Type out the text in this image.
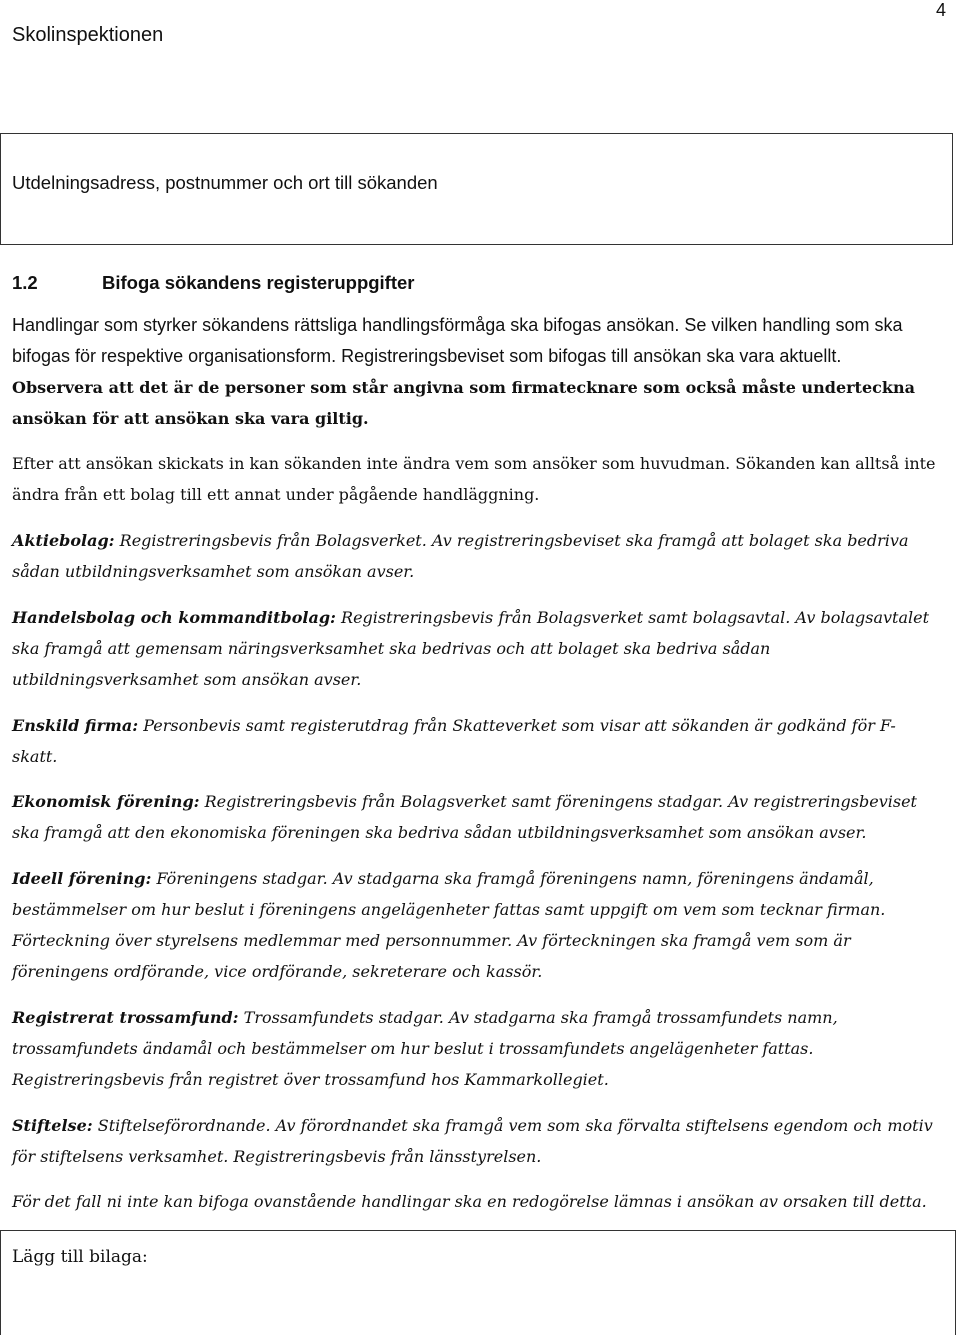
Skolinspektionen
4
Utdelningsadress, postnummer och ort till sökanden
1.2	Bifoga sökandens registeruppgifter

Handlingar som styrker sökandens rättsliga handlingsförmåga ska bifogas ansökan. Se vilken handling som ska bifogas för respektive organisationsform. Registreringsbeviset som bifogas till ansökan ska vara aktuellt. Observera att det är de personer som står angivna som firmatecknare som också måste underteckna ansökan för att ansökan ska vara giltig.

Efter att ansökan skickats in kan sökanden inte ändra vem som ansöker som huvudman. Sökanden kan alltså inte ändra från ett bolag till ett annat under pågående handläggning.

Aktiebolag: Registreringsbevis från Bolagsverket. Av registreringsbeviset ska framgå att bolaget ska bedriva sådan utbildningsverksamhet som ansökan avser.

Handelsbolag och kommanditbolag: Registreringsbevis från Bolagsverket samt bolagsavtal. Av bolagsavtalet ska framgå att gemensam näringsverksamhet ska bedrivas och att bolaget ska bedriva sådan utbildningsverksamhet som ansökan avser.

Enskild firma: Personbevis samt registerutdrag från Skatteverket som visar att sökanden är godkänd för F-skatt.

Ekonomisk förening: Registreringsbevis från Bolagsverket samt föreningens stadgar. Av registreringsbeviset ska framgå att den ekonomiska föreningen ska bedriva sådan utbildningsverksamhet som ansökan avser.

Ideell förening: Föreningens stadgar. Av stadgarna ska framgå föreningens namn, föreningens ändamål, bestämmelser om hur beslut i föreningens angelägenheter fattas samt uppgift om vem som tecknar firman. Förteckning över styrelsens medlemmar med personnummer. Av förteckningen ska framgå vem som är föreningens ordförande, vice ordförande, sekreterare och kassör.

Registrerat trossamfund: Trossamfundets stadgar. Av stadgarna ska framgå trossamfundets namn, trossamfundets ändamål och bestämmelser om hur beslut i trossamfundets angelägenheter fattas. Registreringsbevis från registret över trossamfund hos Kammarkollegiet.

Stiftelse: Stiftelseförordnande. Av förordnandet ska framgå vem som ska förvalta stiftelsens egendom och motiv för stiftelsens verksamhet. Registreringsbevis från länsstyrelsen.

För det fall ni inte kan bifoga ovanstående handlingar ska en redogörelse lämnas i ansökan av orsaken till detta.

Lägg till bilaga:
